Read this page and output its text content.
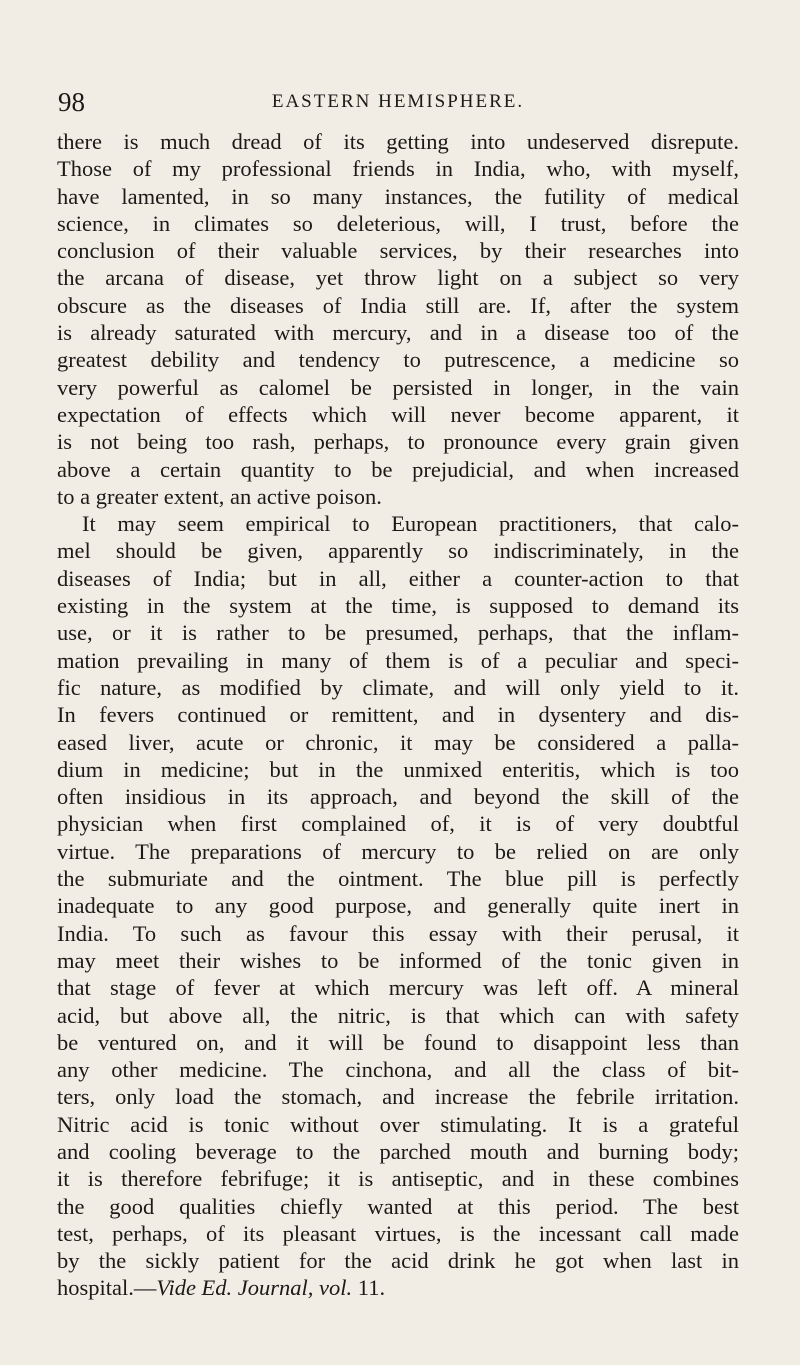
98	EASTERN HEMISPHERE.
there is much dread of its getting into undeserved disrepute.
Those of my professional friends in India, who, with myself,
have lamented, in so many instances, the futility of medical
science, in climates so deleterious, will, I trust, before the
conclusion of their valuable services, by their researches into
the arcana of disease, yet throw light on a subject so very
obscure as the diseases of India still are. If, after the system
is already saturated with mercury, and in a disease too of the
greatest debility and tendency to putrescence, a medicine so
very powerful as calomel be persisted in longer, in the vain
expectation of effects which will never become apparent, it
is not being too rash, perhaps, to pronounce every grain given
above a certain quantity to be prejudicial, and when increased
to a greater extent, an active poison.
It may seem empirical to European practitioners, that calo-
mel should be given, apparently so indiscriminately, in the
diseases of India; but in all, either a counter-action to that
existing in the system at the time, is supposed to demand its
use, or it is rather to be presumed, perhaps, that the inflam-
mation prevailing in many of them is of a peculiar and speci-
fic nature, as modified by climate, and will only yield to it.
In fevers continued or remittent, and in dysentery and dis-
eased liver, acute or chronic, it may be considered a palla-
dium in medicine; but in the unmixed enteritis, which is too
often insidious in its approach, and beyond the skill of the
physician when first complained of, it is of very doubtful
virtue. The preparations of mercury to be relied on are only
the submuriate and the ointment. The blue pill is perfectly
inadequate to any good purpose, and generally quite inert in
India. To such as favour this essay with their perusal, it
may meet their wishes to be informed of the tonic given in
that stage of fever at which mercury was left off. A mineral
acid, but above all, the nitric, is that which can with safety
be ventured on, and it will be found to disappoint less than
any other medicine. The cinchona, and all the class of bit-
ters, only load the stomach, and increase the febrile irritation.
Nitric acid is tonic without over stimulating. It is a grateful
and cooling beverage to the parched mouth and burning body;
it is therefore febrifuge; it is antiseptic, and in these combines
the good qualities chiefly wanted at this period. The best
test, perhaps, of its pleasant virtues, is the incessant call made
by the sickly patient for the acid drink he got when last in
hospital.—Vide Ed. Journal, vol. 11.
